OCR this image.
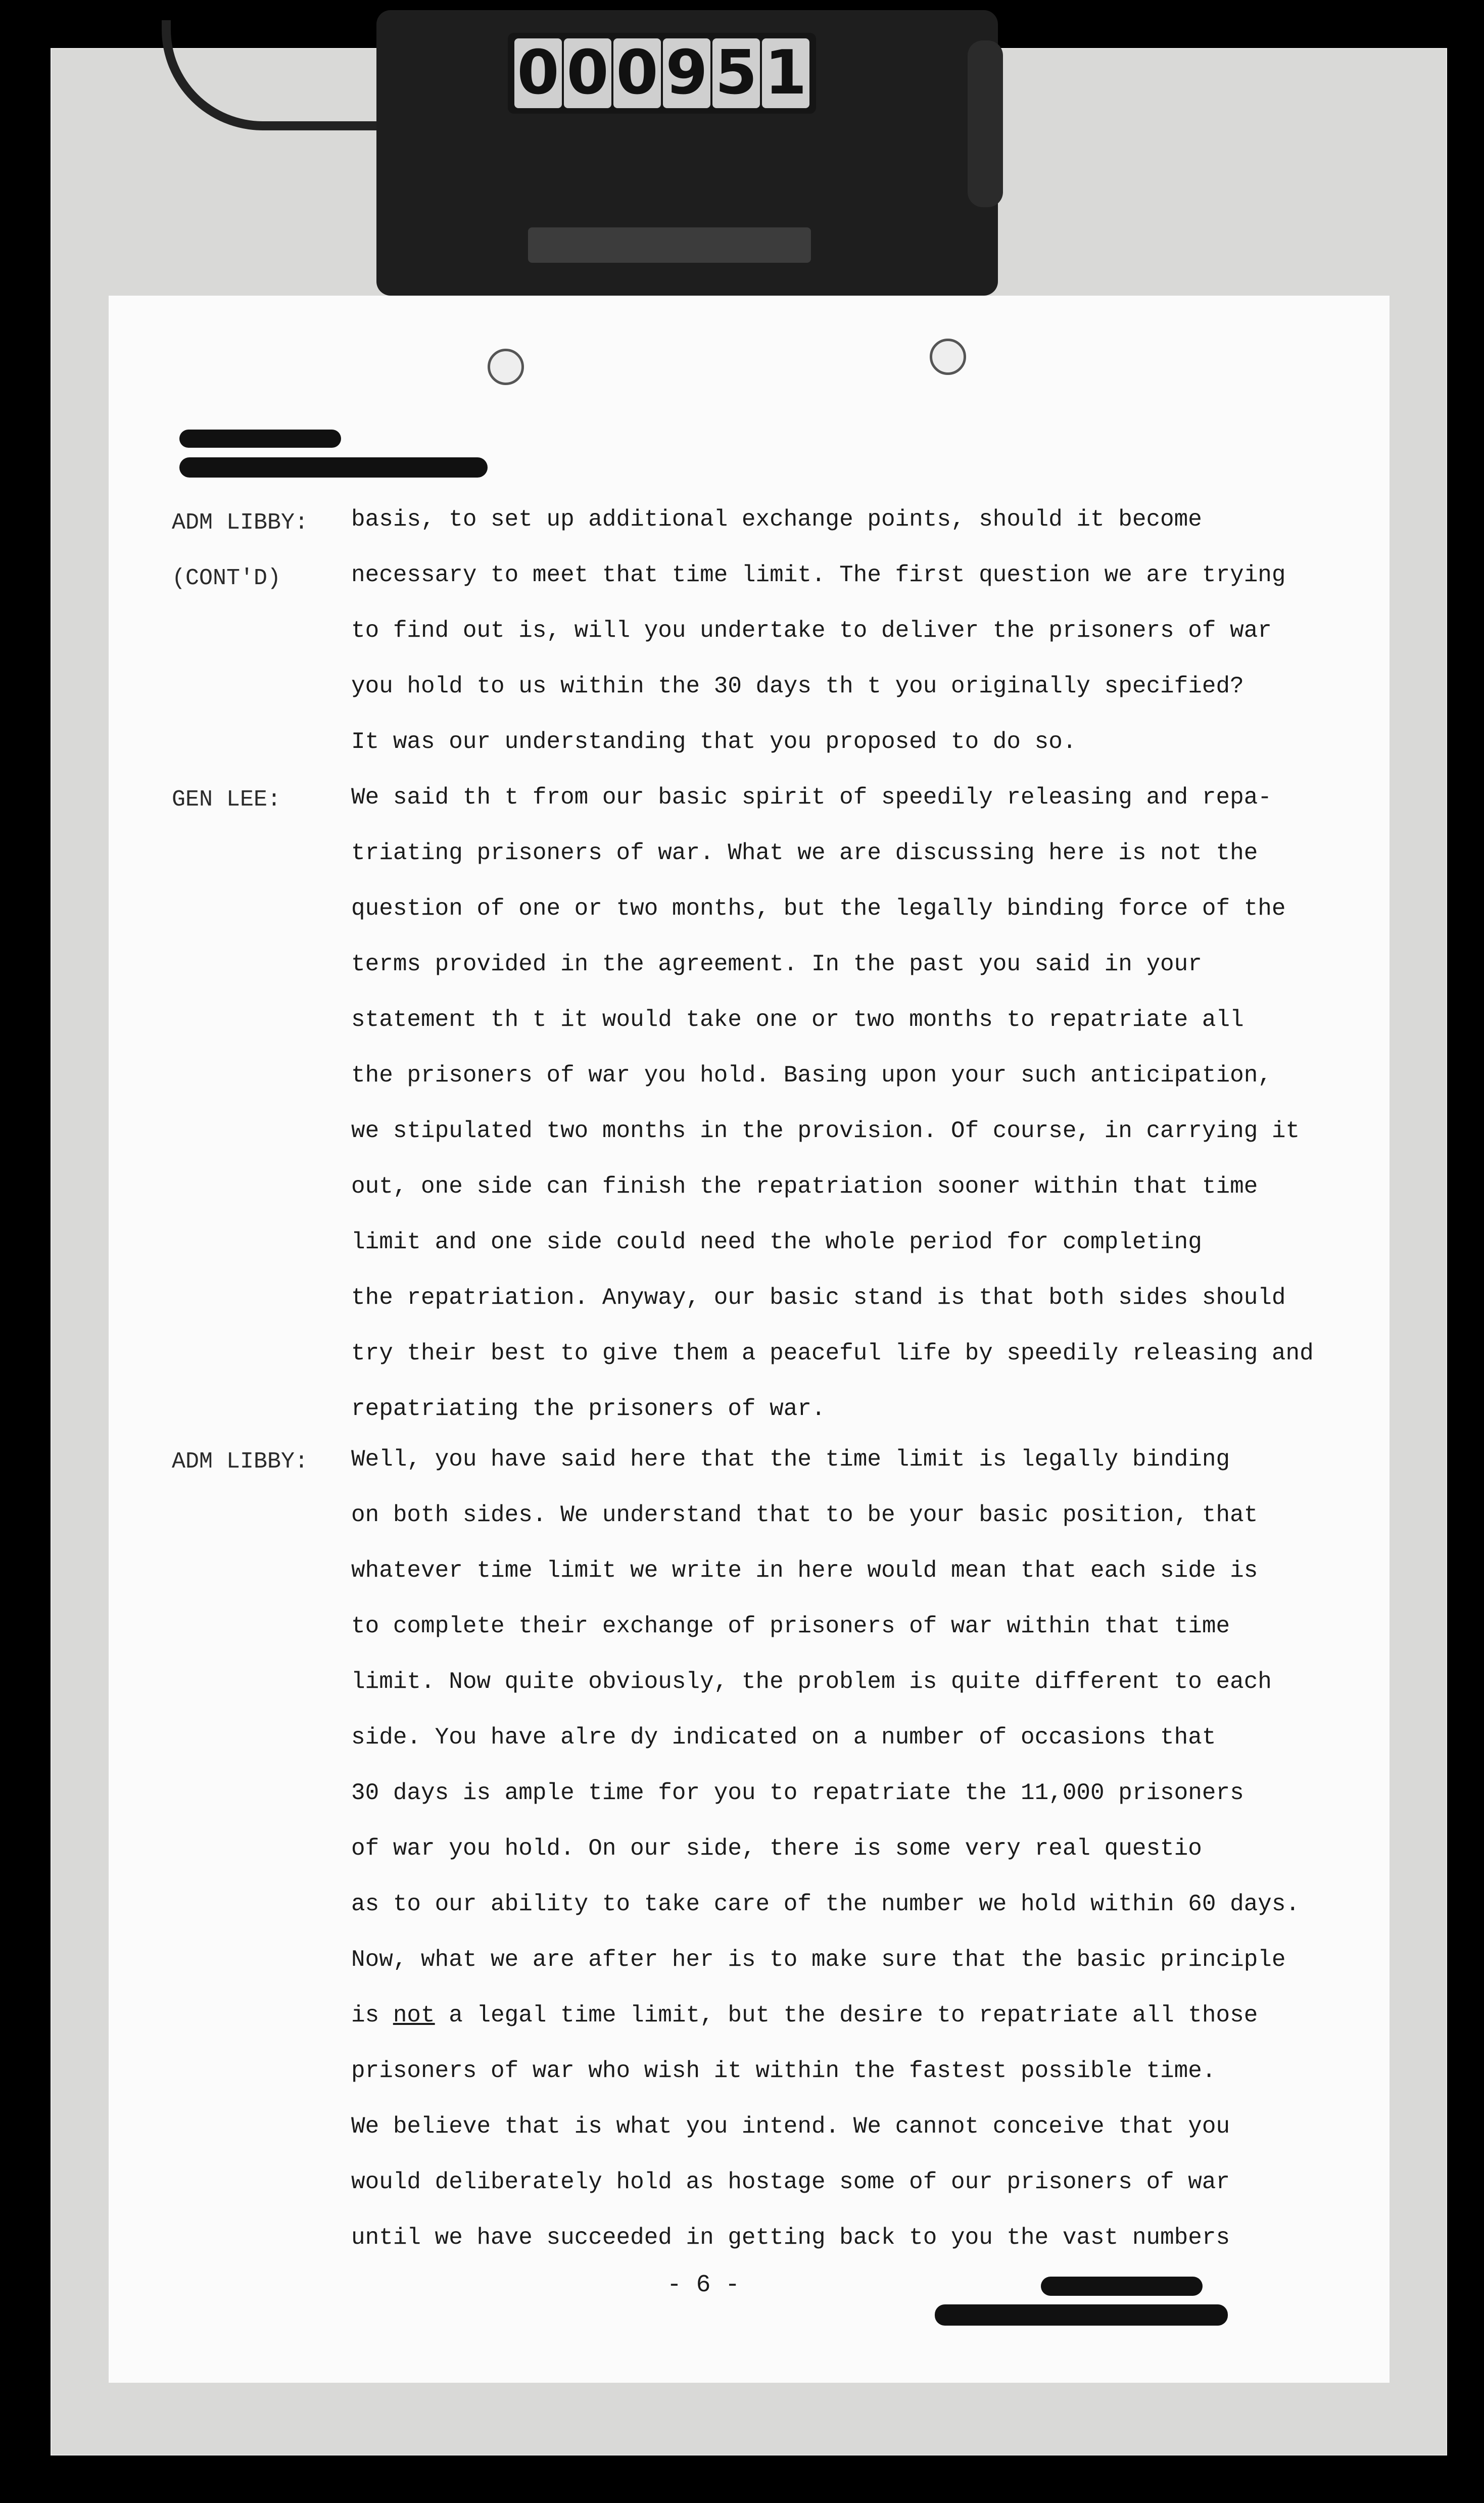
0 0 0 9 5 1
ADM LIBBY:
(CONT'D)
basis, to set up additional exchange points, should it become
necessary to meet that time limit. The first question we are trying
to find out is, will you undertake to deliver the prisoners of war
you hold to us within the 30 days th t you originally specified?
It was our understanding that you proposed to do so.
GEN LEE:	We said th t from our basic spirit of speedily releasing and repa-
triating prisoners of war. What we are discussing here is not the
question of one or two months, but the legally binding force of the
terms provided in the agreement. In the past you said in your
statement th t it would take one or two months to repatriate all
the prisoners of war you hold. Basing upon your such anticipation,
we stipulated two months in the provision. Of course, in carrying it
out, one side can finish the repatriation sooner within that time
limit and one side could need the whole period for completing
the repatriation. Anyway, our basic stand is that both sides should
try their best to give them a peaceful life by speedily releasing and
repatriating the prisoners of war.
ADM LIBBY: Well, you have said here that the time limit is legally binding
on both sides. We understand that to be your basic position, that
whatever time limit we write in here would mean that each side is
to complete their exchange of prisoners of war within that time
limit. Now quite obviously, the problem is quite different to each
side. You have alre dy indicated on a number of occasions that
30 days is ample time for you to repatriate the 11,000 prisoners
of war you hold. On our side, there is some very real questio
as to our ability to take care of the number we hold within 60 days.
Now, what we are after her is to make sure that the basic principle
is not a legal time limit, but the desire to repatriate all those
prisoners of war who wish it within the fastest possible time.
We believe that is what you intend. We cannot conceive that you
would deliberately hold as hostage some of our prisoners of war
until we have succeeded in getting back to you the vast numbers
- 6 -
